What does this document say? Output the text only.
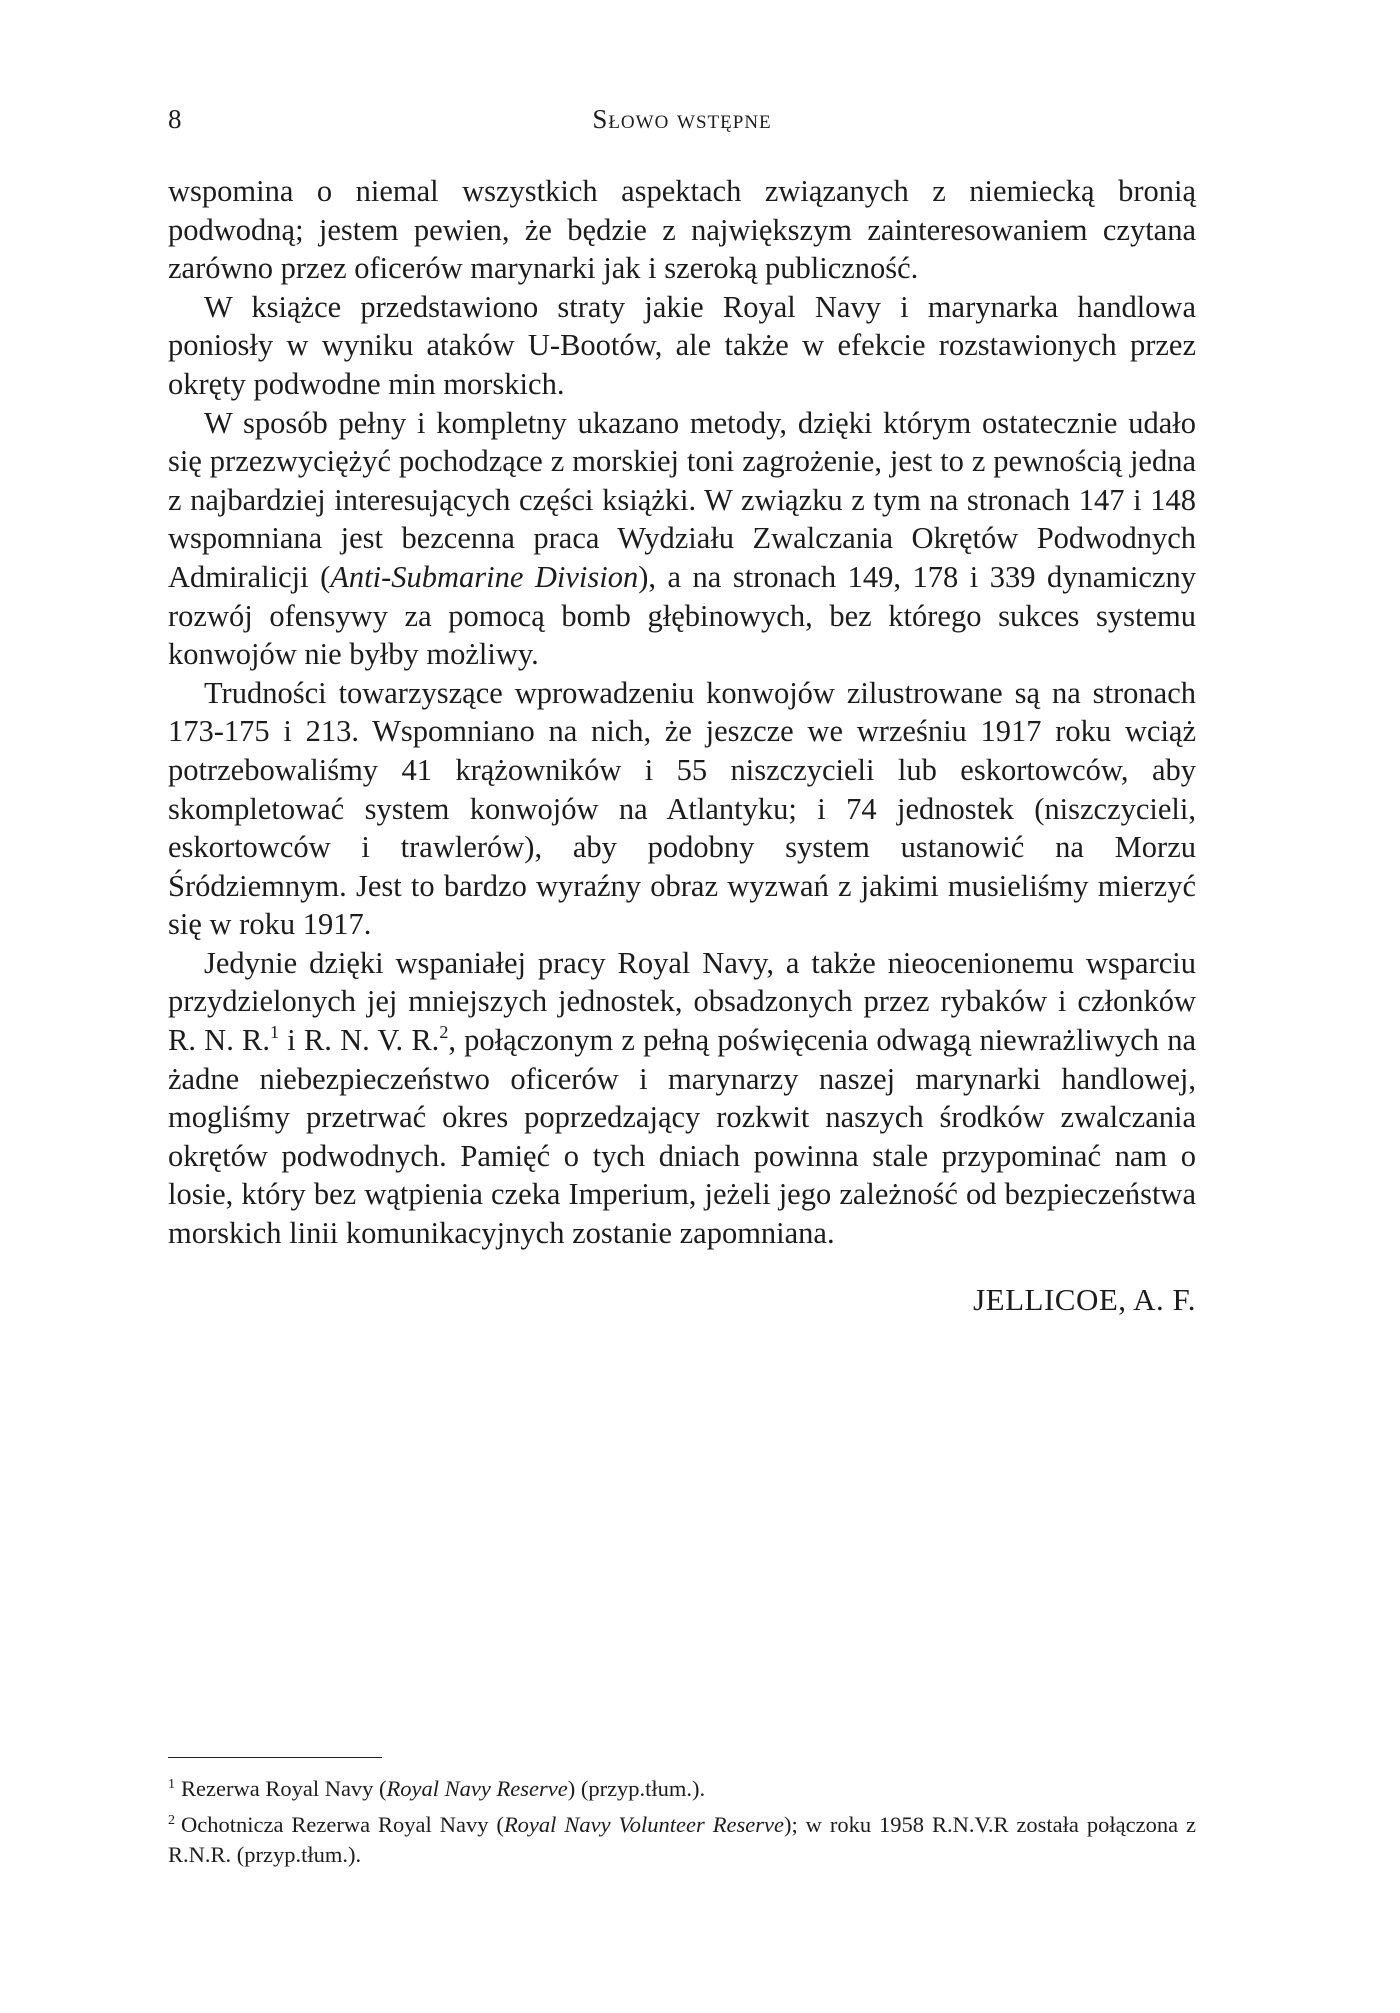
8	Słowo wstępne

wspomina o niemal wszystkich aspektach związanych z niemiecką bronią podwodną; jestem pewien, że będzie z największym zainteresowaniem czytana zarówno przez oficerów marynarki jak i szeroką publiczność.

W książce przedstawiono straty jakie Royal Navy i marynarka handlowa poniosły w wyniku ataków U-Bootów, ale także w efekcie rozstawionych przez okręty podwodne min morskich.

W sposób pełny i kompletny ukazano metody, dzięki którym ostatecznie udało się przezwyciężyć pochodzące z morskiej toni zagrożenie, jest to z pewnością jedna z najbardziej interesujących części książki. W związku z tym na stronach 147 i 148 wspomniana jest bezcenna praca Wydziału Zwalczania Okrętów Podwodnych Admiralicji (Anti-Submarine Division), a na stronach 149, 178 i 339 dynamiczny rozwój ofensywy za pomocą bomb głębinowych, bez którego sukces systemu konwojów nie byłby możliwy.

Trudności towarzyszące wprowadzeniu konwojów zilustrowane są na stronach 173-175 i 213. Wspomniano na nich, że jeszcze we wrześniu 1917 roku wciąż potrzebowaliśmy 41 krążowników i 55 niszczycieli lub eskortowców, aby skompletować system konwojów na Atlantyku; i 74 jednostek (niszczycieli, eskortowców i trawlerów), aby podobny system ustanowić na Morzu Śródziemnym. Jest to bardzo wyraźny obraz wyzwań z jakimi musieliśmy mierzyć się w roku 1917.

Jedynie dzięki wspaniałej pracy Royal Navy, a także nieocenionemu wsparciu przydzielonych jej mniejszych jednostek, obsadzonych przez rybaków i członków R. N. R.$^1$ i R. N. V. R.$^2$, połączonym z pełną poświęcenia odwagą niewrażliwych na żadne niebezpieczeństwo oficerów i marynarzy naszej marynarki handlowej, mogliśmy przetrwać okres poprzedzający rozkwit naszych środków zwalczania okrętów podwodnych. Pamięć o tych dniach powinna stale przypominać nam o losie, który bez wątpienia czeka Imperium, jeżeli jego zależność od bezpieczeństwa morskich linii komunikacyjnych zostanie zapomniana.

JELLICOE, A. F.

$^1$ Rezerwa Royal Navy (Royal Navy Reserve) (przyp.tłum.).

$^2$ Ochotnicza Rezerwa Royal Navy (Royal Navy Volunteer Reserve); w roku 1958 R.N.V.R została połączona z R.N.R. (przyp.tłum.).
